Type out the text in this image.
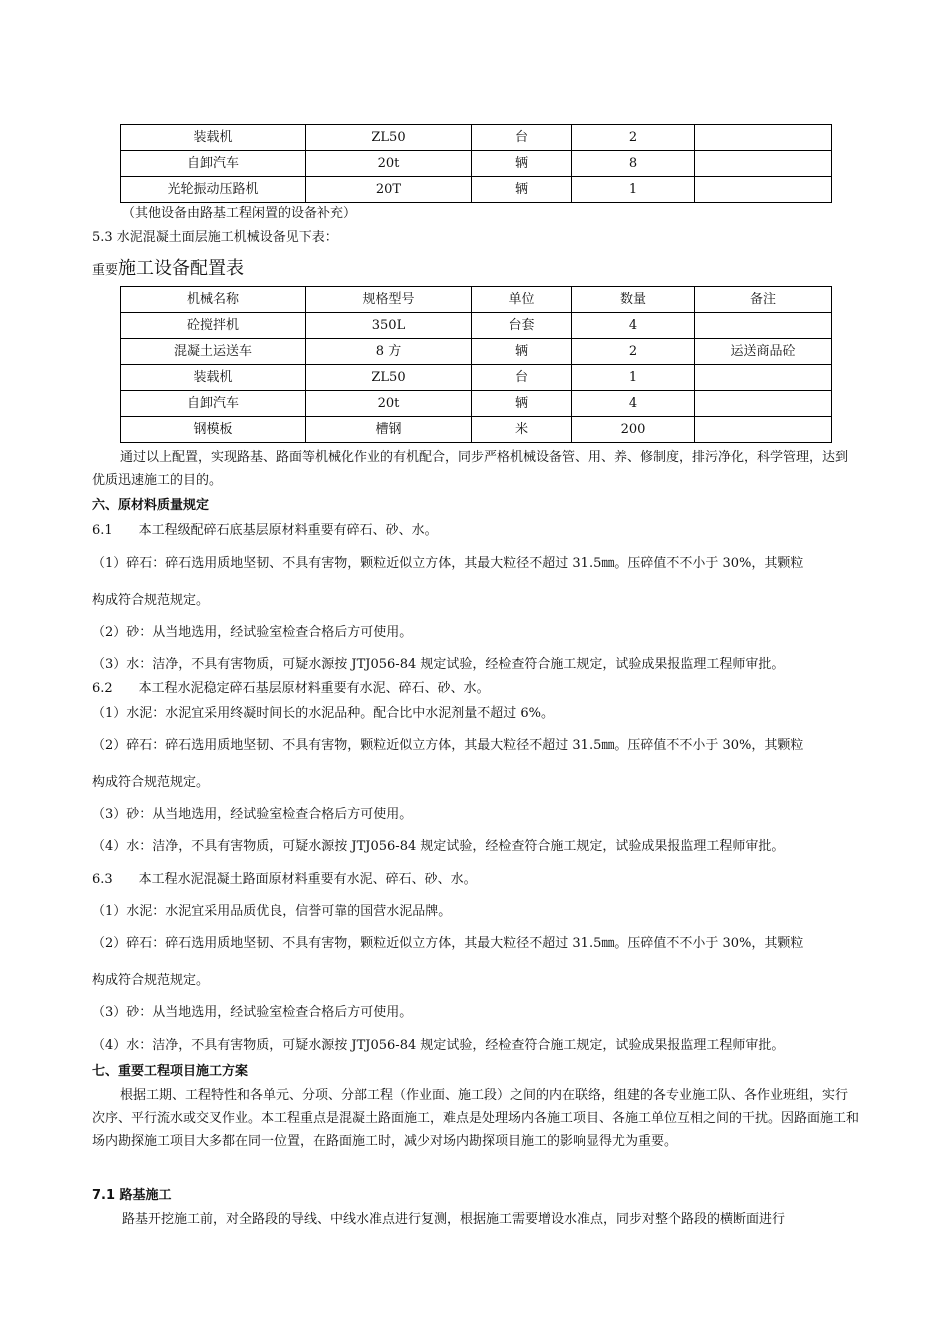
装载机	ZL50	台	2	
自卸汽车	20t	辆	8	
光轮振动压路机	20T	辆	1	
（其他设备由路基工程闲置的设备补充）
5.3 水泥混凝土面层施工机械设备见下表：
重要施工设备配置表
机械名称	规格型号	单位	数量	备注
砼搅拌机	350L	台套	4	
混凝土运送车	8 方	辆	2	运送商品砼
装载机	ZL50	台	1	
自卸汽车	20t	辆	4	
钢模板	槽钢	米	200	
通过以上配置，实现路基、路面等机械化作业的有机配合，同步严格机械设备管、用、养、修制度，排污净化，科学管理，达到优质迅速施工的目的。
六、原材料质量规定
6.1　　本工程级配碎石底基层原材料重要有碎石、砂、水。
（1）碎石：碎石选用质地坚韧、不具有害物，颗粒近似立方体，其最大粒径不超过 31.5㎜。压碎值不不小于 30%，其颗粒
构成符合规范规定。
（2）砂：从当地选用，经试验室检查合格后方可使用。
（3）水：洁净，不具有害物质，可疑水源按 JTJ056-84 规定试验，经检查符合施工规定，试验成果报监理工程师审批。
6.2　　本工程水泥稳定碎石基层原材料重要有水泥、碎石、砂、水。
（1）水泥：水泥宜采用终凝时间长的水泥品种。配合比中水泥剂量不超过 6%。
（2）碎石：碎石选用质地坚韧、不具有害物，颗粒近似立方体，其最大粒径不超过 31.5㎜。压碎值不不小于 30%，其颗粒
构成符合规范规定。
（3）砂：从当地选用，经试验室检查合格后方可使用。
（4）水：洁净，不具有害物质，可疑水源按 JTJ056-84 规定试验，经检查符合施工规定，试验成果报监理工程师审批。
6.3　　本工程水泥混凝土路面原材料重要有水泥、碎石、砂、水。
（1）水泥：水泥宜采用品质优良，信誉可靠的国营水泥品牌。
（2）碎石：碎石选用质地坚韧、不具有害物，颗粒近似立方体，其最大粒径不超过 31.5㎜。压碎值不不小于 30%，其颗粒
构成符合规范规定。
（3）砂：从当地选用，经试验室检查合格后方可使用。
（4）水：洁净，不具有害物质，可疑水源按 JTJ056-84 规定试验，经检查符合施工规定，试验成果报监理工程师审批。
七、重要工程项目施工方案
根据工期、工程特性和各单元、分项、分部工程（作业面、施工段）之间的内在联络，组建的各专业施工队、各作业班组，实行次序、平行流水或交叉作业。本工程重点是混凝土路面施工，难点是处理场内各施工项目、各施工单位互相之间的干扰。因路面施工和场内勘探施工项目大多都在同一位置，在路面施工时，减少对场内勘探项目施工的影响显得尤为重要。
7.1 路基施工
路基开挖施工前，对全路段的导线、中线水准点进行复测，根据施工需要增设水准点，同步对整个路段的横断面进行
